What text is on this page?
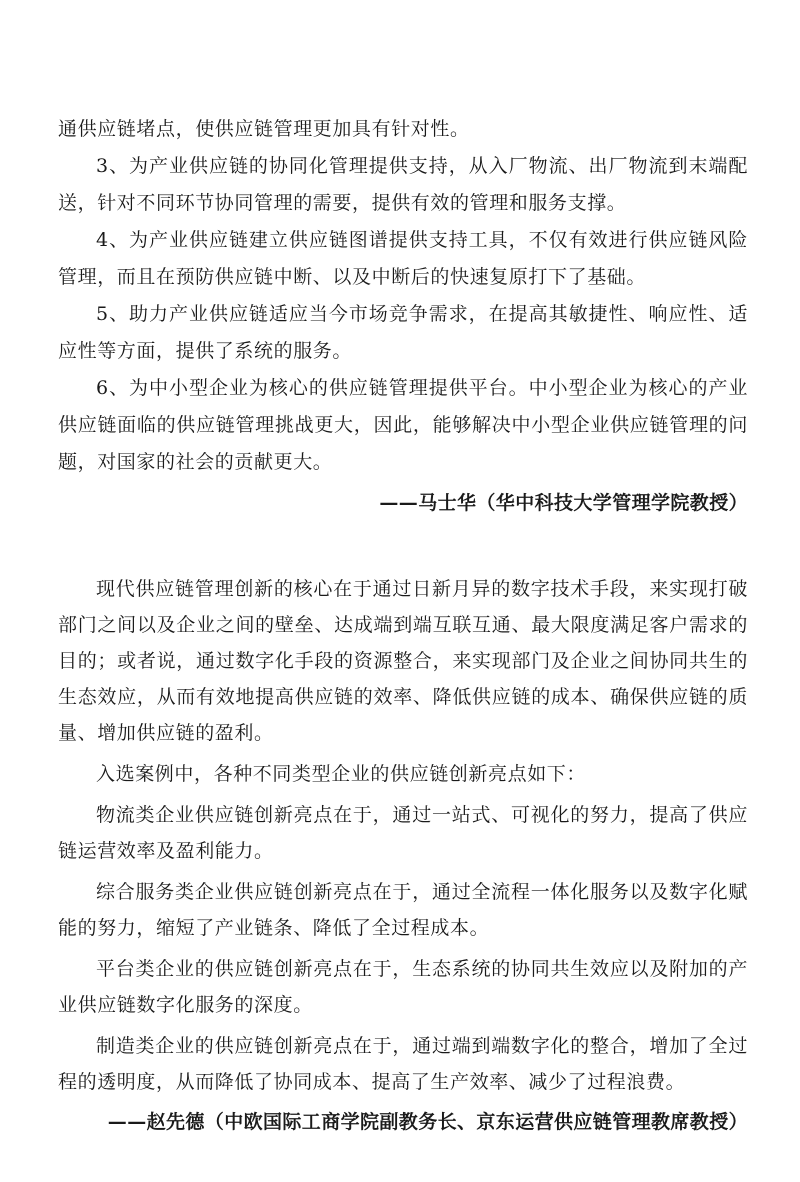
通供应链堵点，使供应链管理更加具有针对性。

3、为产业供应链的协同化管理提供支持，从入厂物流、出厂物流到末端配送，针对不同环节协同管理的需要，提供有效的管理和服务支撑。

4、为产业供应链建立供应链图谱提供支持工具，不仅有效进行供应链风险管理，而且在预防供应链中断、以及中断后的快速复原打下了基础。

5、助力产业供应链适应当今市场竞争需求，在提高其敏捷性、响应性、适应性等方面，提供了系统的服务。

6、为中小型企业为核心的供应链管理提供平台。中小型企业为核心的产业供应链面临的供应链管理挑战更大，因此，能够解决中小型企业供应链管理的问题，对国家的社会的贡献更大。

——马士华（华中科技大学管理学院教授）

现代供应链管理创新的核心在于通过日新月异的数字技术手段，来实现打破部门之间以及企业之间的壁垒、达成端到端互联互通、最大限度满足客户需求的目的；或者说，通过数字化手段的资源整合，来实现部门及企业之间协同共生的生态效应，从而有效地提高供应链的效率、降低供应链的成本、确保供应链的质量、增加供应链的盈利。

入选案例中，各种不同类型企业的供应链创新亮点如下：

物流类企业供应链创新亮点在于，通过一站式、可视化的努力，提高了供应链运营效率及盈利能力。

综合服务类企业供应链创新亮点在于，通过全流程一体化服务以及数字化赋能的努力，缩短了产业链条、降低了全过程成本。

平台类企业的供应链创新亮点在于，生态系统的协同共生效应以及附加的产业供应链数字化服务的深度。

制造类企业的供应链创新亮点在于，通过端到端数字化的整合，增加了全过程的透明度，从而降低了协同成本、提高了生产效率、减少了过程浪费。

——赵先德（中欧国际工商学院副教务长、京东运营供应链管理教席教授）
